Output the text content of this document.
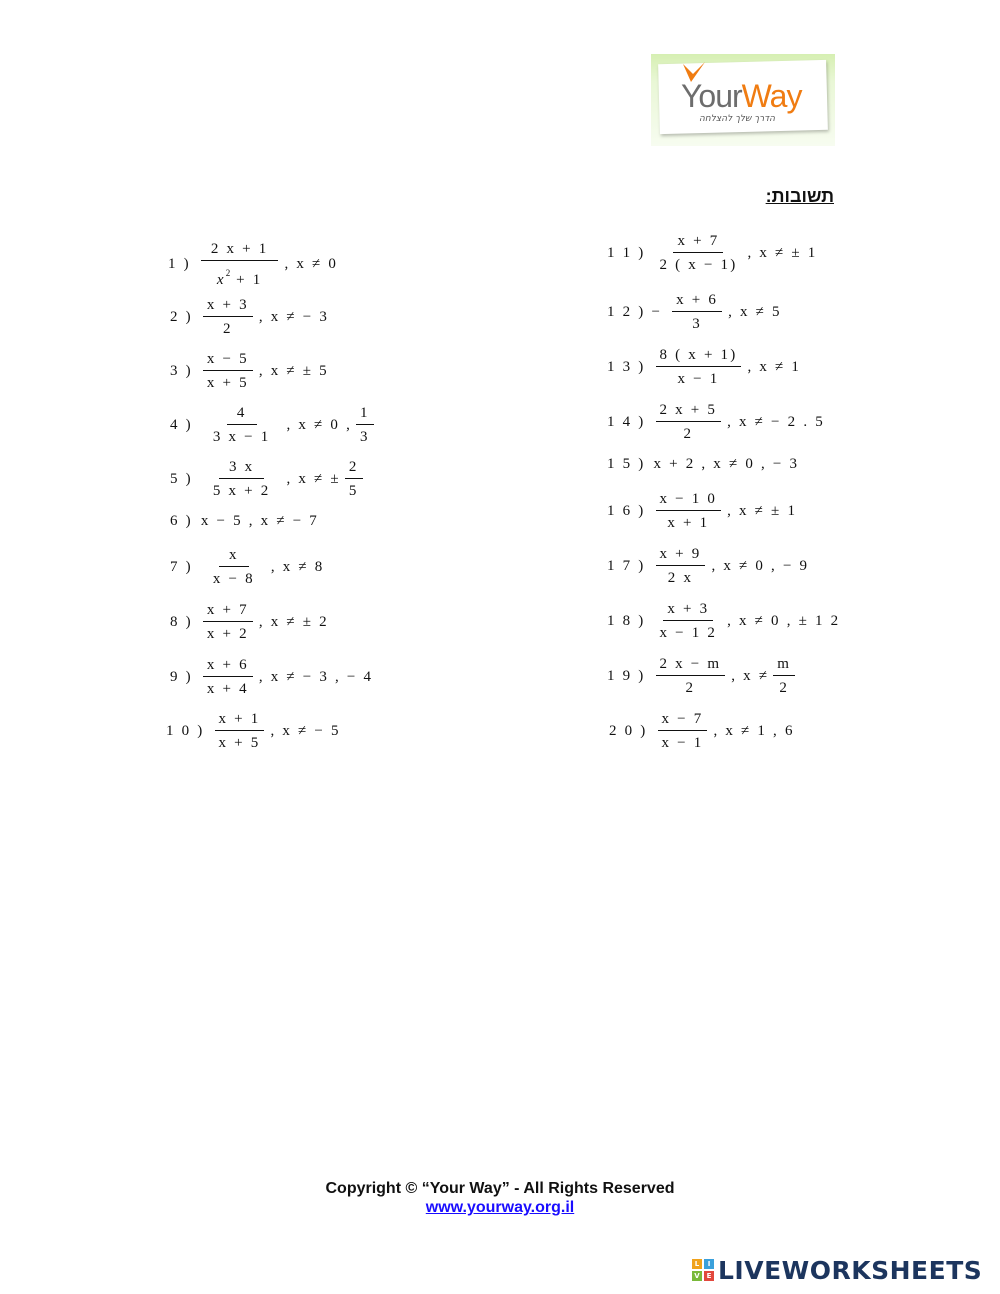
YourWay
הדרך שלך להצלחה
תשובות:
1 ) $\frac{2 x + 1}{x^2 + 1}$ , x ≠ 0
2 ) $\frac{x + 3}{2}$ , x ≠ − 3
3 ) $\frac{x - 5}{x + 5}$ , x ≠ ± 5
4 ) $\frac{4}{3 x - 1}$ , x ≠ 0 , $\frac{1}{3}$
5 ) $\frac{3 x}{5 x + 2}$ , x ≠ ± $\frac{2}{5}$
6 ) x − 5 , x ≠ − 7
7 ) $\frac{x}{x - 8}$ , x ≠ 8
8 ) $\frac{x + 7}{x + 2}$ , x ≠ ± 2
9 ) $\frac{x + 6}{x + 4}$ , x ≠ − 3 , − 4
1 0 ) $\frac{x + 1}{x + 5}$ , x ≠ − 5
1 1 ) $\frac{x + 7}{2 ( x - 1)}$ , x ≠ ± 1
1 2 ) − $\frac{x + 6}{3}$ , x ≠ 5
1 3 ) $\frac{8 ( x + 1)}{x - 1}$ , x ≠ 1
1 4 ) $\frac{2 x + 5}{2}$ , x ≠ − 2 . 5
1 5 ) x + 2 , x ≠ 0 , − 3
1 6 ) $\frac{x - 1 0}{x + 1}$ , x ≠ ± 1
1 7 ) $\frac{x + 9}{2 x}$ , x ≠ 0 , − 9
1 8 ) $\frac{x + 3}{x - 1 2}$ , x ≠ 0 , ± 1 2
1 9 ) $\frac{2 x - m}{2}$ , $x \ne \frac{m}{2}$
2 0 ) $\frac{x - 7}{x - 1}$ , x ≠ 1 , 6
Copyright © “Your Way” - All Rights Reserved
www.yourway.org.il
L	I
V E LIVEWORKSHEETS
